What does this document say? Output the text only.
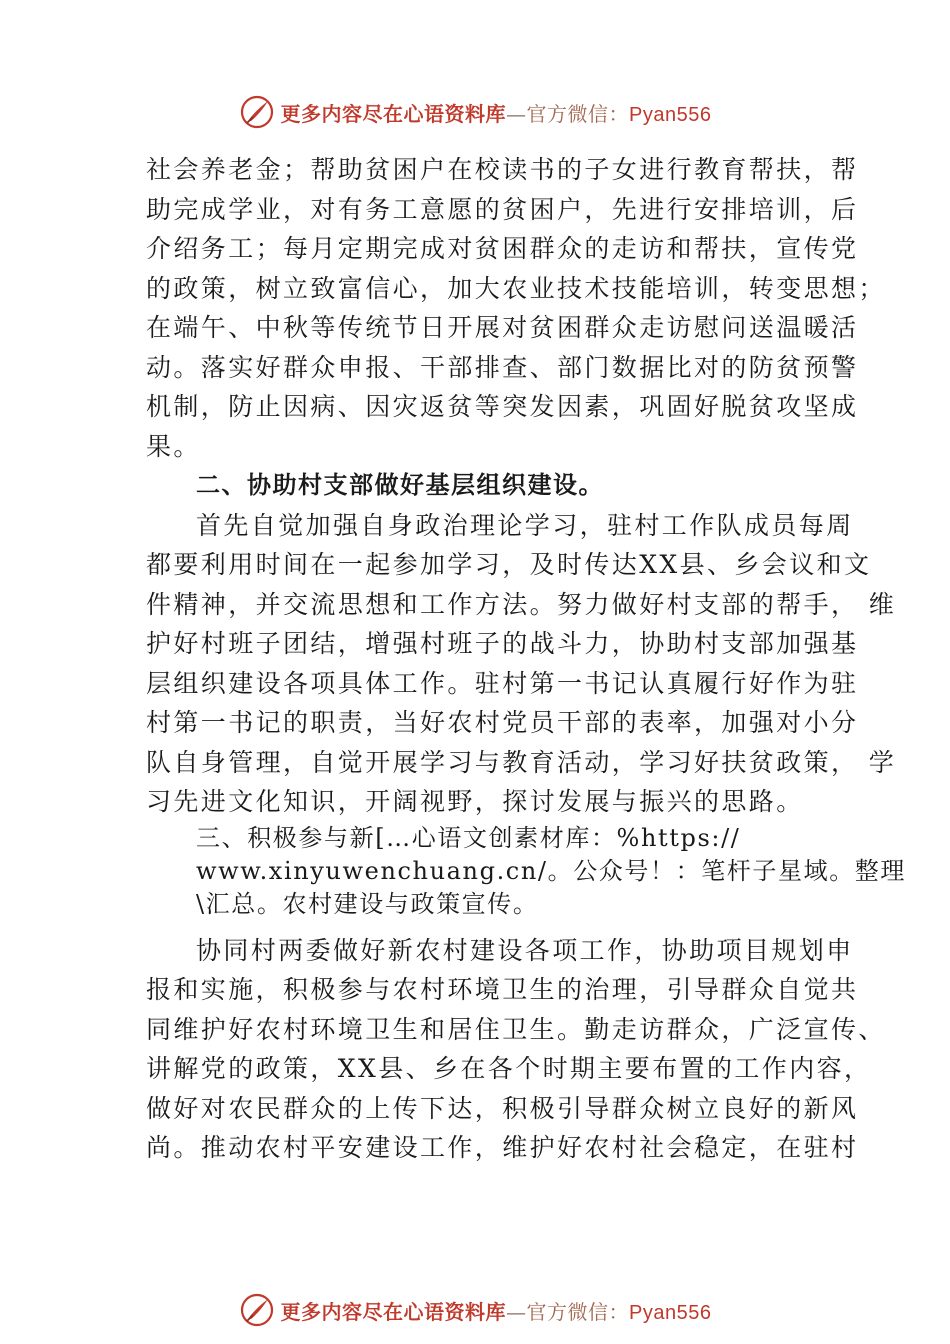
更多内容尽在心语资料库—官方微信：Pyan556

社会养老金；帮助贫困户在校读书的子女进行教育帮扶，帮

助完成学业，对有务工意愿的贫困户，先进行安排培训，后

介绍务工；每月定期完成对贫困群众的走访和帮扶，宣传党

的政策，树立致富信心，加大农业技术技能培训，转变思想；

在端午、中秋等传统节日开展对贫困群众走访慰问送温暖活

动。落实好群众申报、干部排查、部门数据比对的防贫预警

机制，防止因病、因灾返贫等突发因素，巩固好脱贫攻坚成

果。

二、协助村支部做好基层组织建设。

首先自觉加强自身政治理论学习，驻村工作队成员每周

都要利用时间在一起参加学习，及时传达XX县、乡会议和文

件精神，并交流思想和工作方法。努力做好村支部的帮手， 维

护好村班子团结，增强村班子的战斗力，协助村支部加强基

层组织建设各项具体工作。驻村第一书记认真履行好作为驻

村第一书记的职责，当好农村党员干部的表率，加强对小分

队自身管理，自觉开展学习与教育活动，学习好扶贫政策， 学

习先进文化知识，开阔视野，探讨发展与振兴的思路。

三、积极参与新[…心语文创素材库：%https://

www.xinyuwenchuang.cn/。公众号！：笔杆子星域。整理

\汇总。农村建设与政策宣传。

协同村两委做好新农村建设各项工作，协助项目规划申

报和实施，积极参与农村环境卫生的治理，引导群众自觉共

同维护好农村环境卫生和居住卫生。勤走访群众，广泛宣传、

讲解党的政策，XX县、乡在各个时期主要布置的工作内容，

做好对农民群众的上传下达，积极引导群众树立良好的新风

尚。推动农村平安建设工作，维护好农村社会稳定，在驻村

更多内容尽在心语资料库—官方微信：Pyan556
